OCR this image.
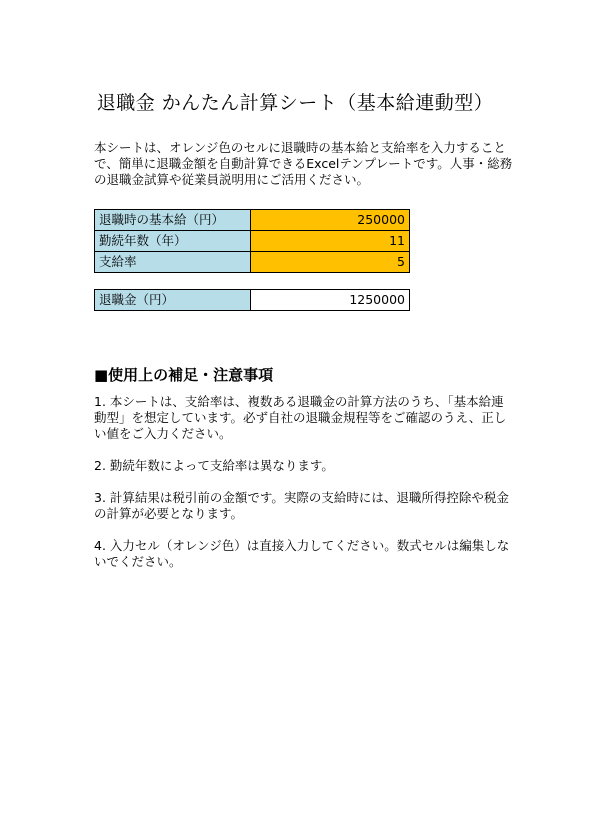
退職金 かんたん計算シート（基本給連動型）
本シートは、オレンジ色のセルに退職時の基本給と支給率を入力することで、簡単に退職金額を自動計算できるExcelテンプレートです。人事・総務の退職金試算や従業員説明用にご活用ください。
退職時の基本給（円）	250000
勤続年数（年）	11
支給率	5
退職金（円）	1250000
■使用上の補足・注意事項

1. 本シートは、支給率は、複数ある退職金の計算方法のうち、「基本給連動型」を想定しています。必ず自社の退職金規程等をご確認のうえ、正しい値をご入力ください。

2. 勤続年数によって支給率は異なります。

3. 計算結果は税引前の金額です。実際の支給時には、退職所得控除や税金の計算が必要となります。

4. 入力セル（オレンジ色）は直接入力してください。数式セルは編集しないでください。
